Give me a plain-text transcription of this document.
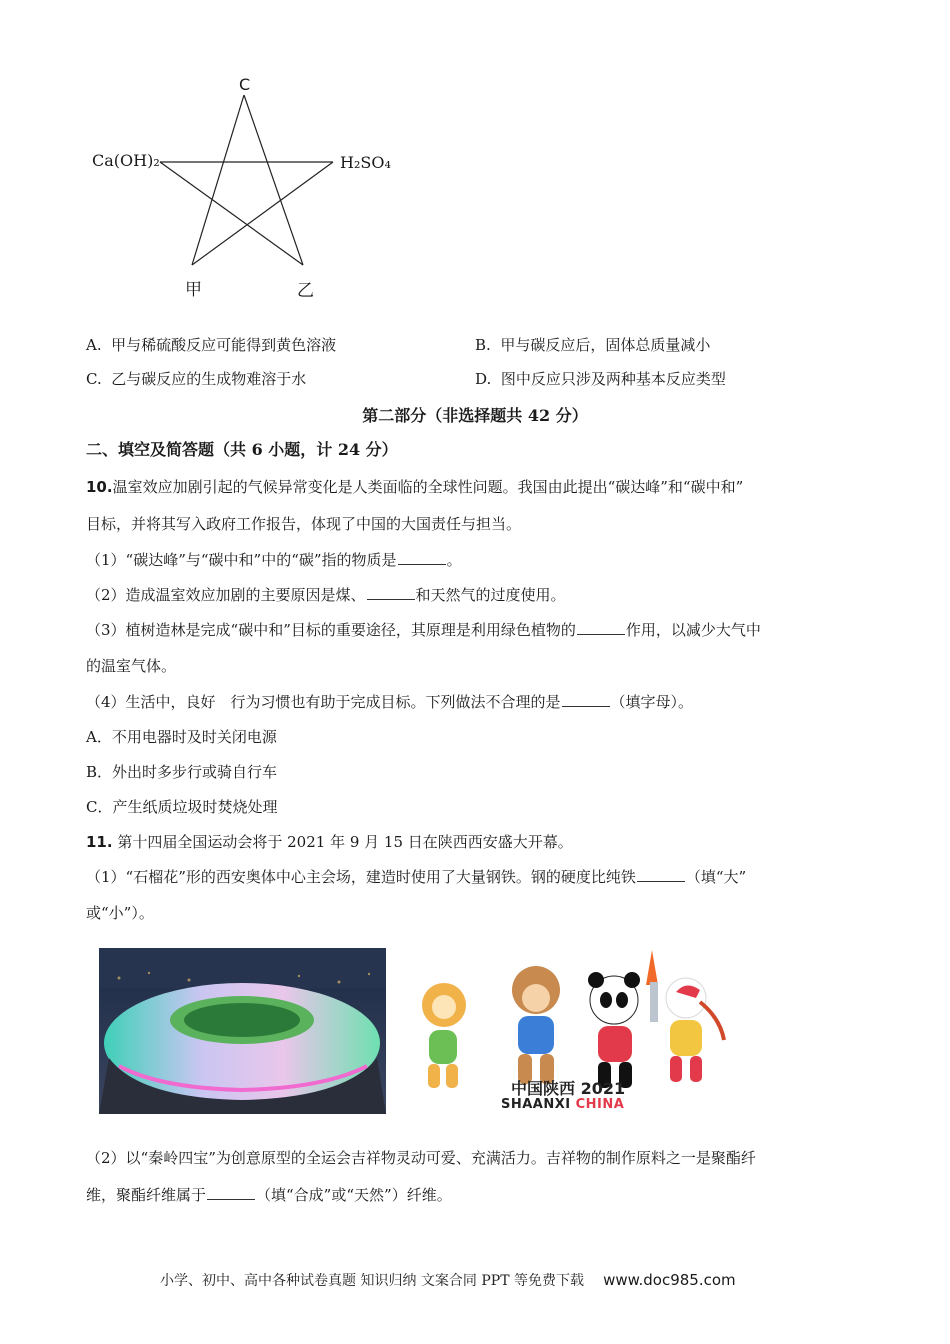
C
Ca(OH)₂	H₂SO₄
甲	乙
A. 甲与稀硫酸反应可能得到黄色溶液	B. 甲与碳反应后，固体总质量减小
C. 乙与碳反应的生成物难溶于水	D. 图中反应只涉及两种基本反应类型
第二部分（非选择题共 42 分）
二、填空及简答题（共 6 小题，计 24 分）
10.温室效应加剧引起的气候异常变化是人类面临的全球性问题。我国由此提出“碳达峰”和“碳中和”
目标，并将其写入政府工作报告，体现了中国的大国责任与担当。
（1）“碳达峰”与“碳中和”中的“碳”指的物质是	。
（2）造成温室效应加剧的主要原因是煤、	和天然气的过度使用。
（3）植树造林是完成“碳中和”目标的重要途径，其原理是利用绿色植物的	作用，以减少大气中
的温室气体。
（4）生活中，良好　行为习惯也有助于完成目标。下列做法不合理的是	（填字母）。
A．不用电器时及时关闭电源
B．外出时多步行或骑自行车
C．产生纸质垃圾时焚烧处理
11. 第十四届全国运动会将于 2021 年 9 月 15 日在陕西西安盛大开幕。
（1）“石榴花”形的西安奥体中心主会场，建造时使用了大量钢铁。钢的硬度比纯铁	（填“大”
或“小”）。
中国陕西 2021
SHAANXI CHINA
（2）以“秦岭四宝”为创意原型的全运会吉祥物灵动可爱、充满活力。吉祥物的制作原料之一是聚酯纤
维，聚酯纤维属于	（填“合成”或“天然”）纤维。
小学、初中、高中各种试卷真题 知识归纳 文案合同 PPT 等免费下载 www.doc985.com
